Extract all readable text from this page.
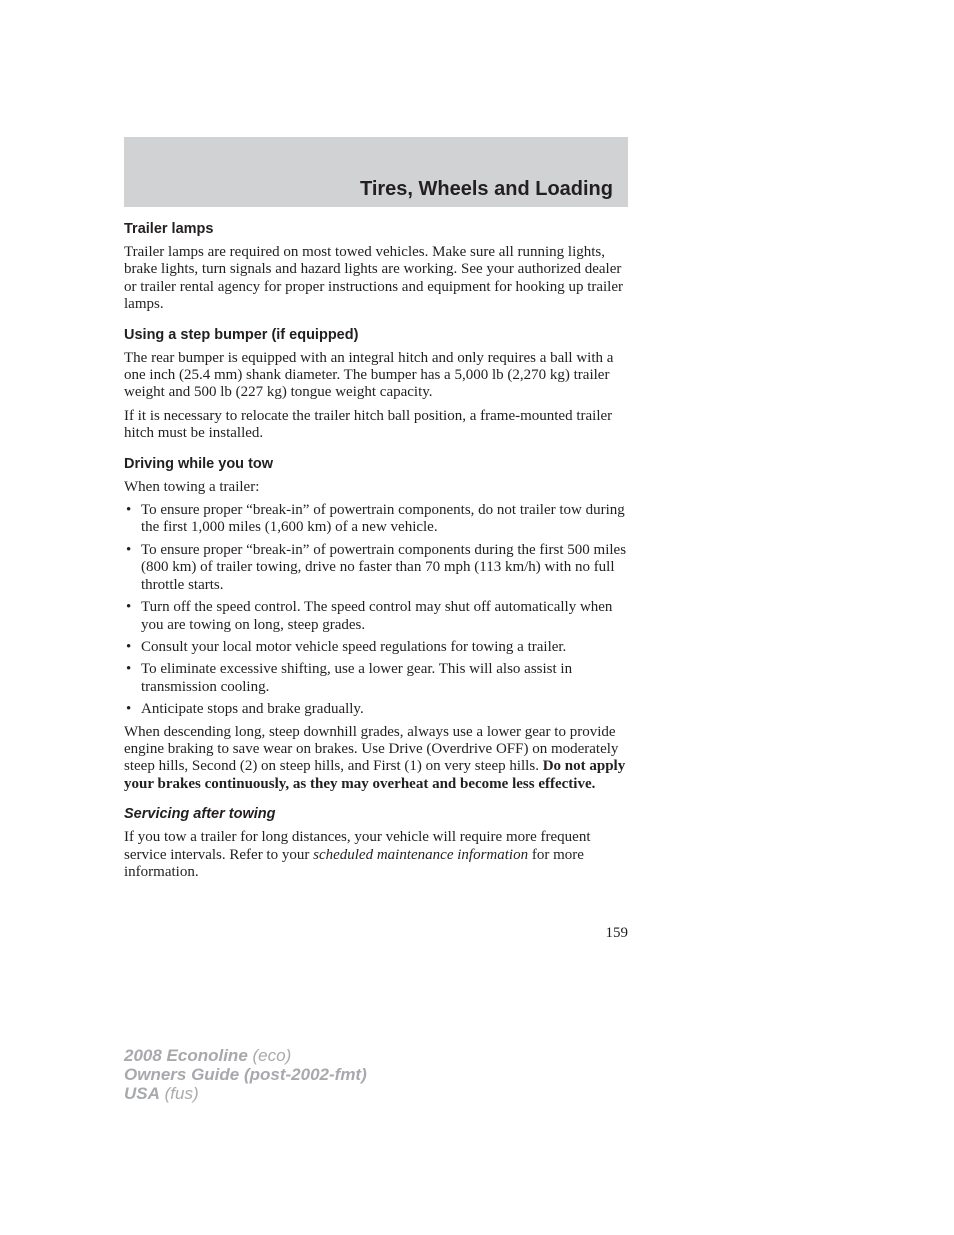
Tires, Wheels and Loading
Trailer lamps

Trailer lamps are required on most towed vehicles. Make sure all running lights, brake lights, turn signals and hazard lights are working. See your authorized dealer or trailer rental agency for proper instructions and equipment for hooking up trailer lamps.

Using a step bumper (if equipped)

The rear bumper is equipped with an integral hitch and only requires a ball with a one inch (25.4 mm) shank diameter. The bumper has a 5,000 lb (2,270 kg) trailer weight and 500 lb (227 kg) tongue weight capacity.

If it is necessary to relocate the trailer hitch ball position, a frame-mounted trailer hitch must be installed.

Driving while you tow

When towing a trailer:

• To ensure proper “break-in” of powertrain components, do not trailer tow during the first 1,000 miles (1,600 km) of a new vehicle.
• To ensure proper “break-in” of powertrain components during the first 500 miles (800 km) of trailer towing, drive no faster than 70 mph (113 km/h) with no full throttle starts.
• Turn off the speed control. The speed control may shut off automatically when you are towing on long, steep grades.
• Consult your local motor vehicle speed regulations for towing a trailer.
• To eliminate excessive shifting, use a lower gear. This will also assist in transmission cooling.
• Anticipate stops and brake gradually.

When descending long, steep downhill grades, always use a lower gear to provide engine braking to save wear on brakes. Use Drive (Overdrive OFF) on moderately steep hills, Second (2) on steep hills, and First (1) on very steep hills. Do not apply your brakes continuously, as they may overheat and become less effective.

Servicing after towing

If you tow a trailer for long distances, your vehicle will require more frequent service intervals. Refer to your scheduled maintenance information for more information.

159
2008 Econoline (eco)
Owners Guide (post-2002-fmt)
USA (fus)
